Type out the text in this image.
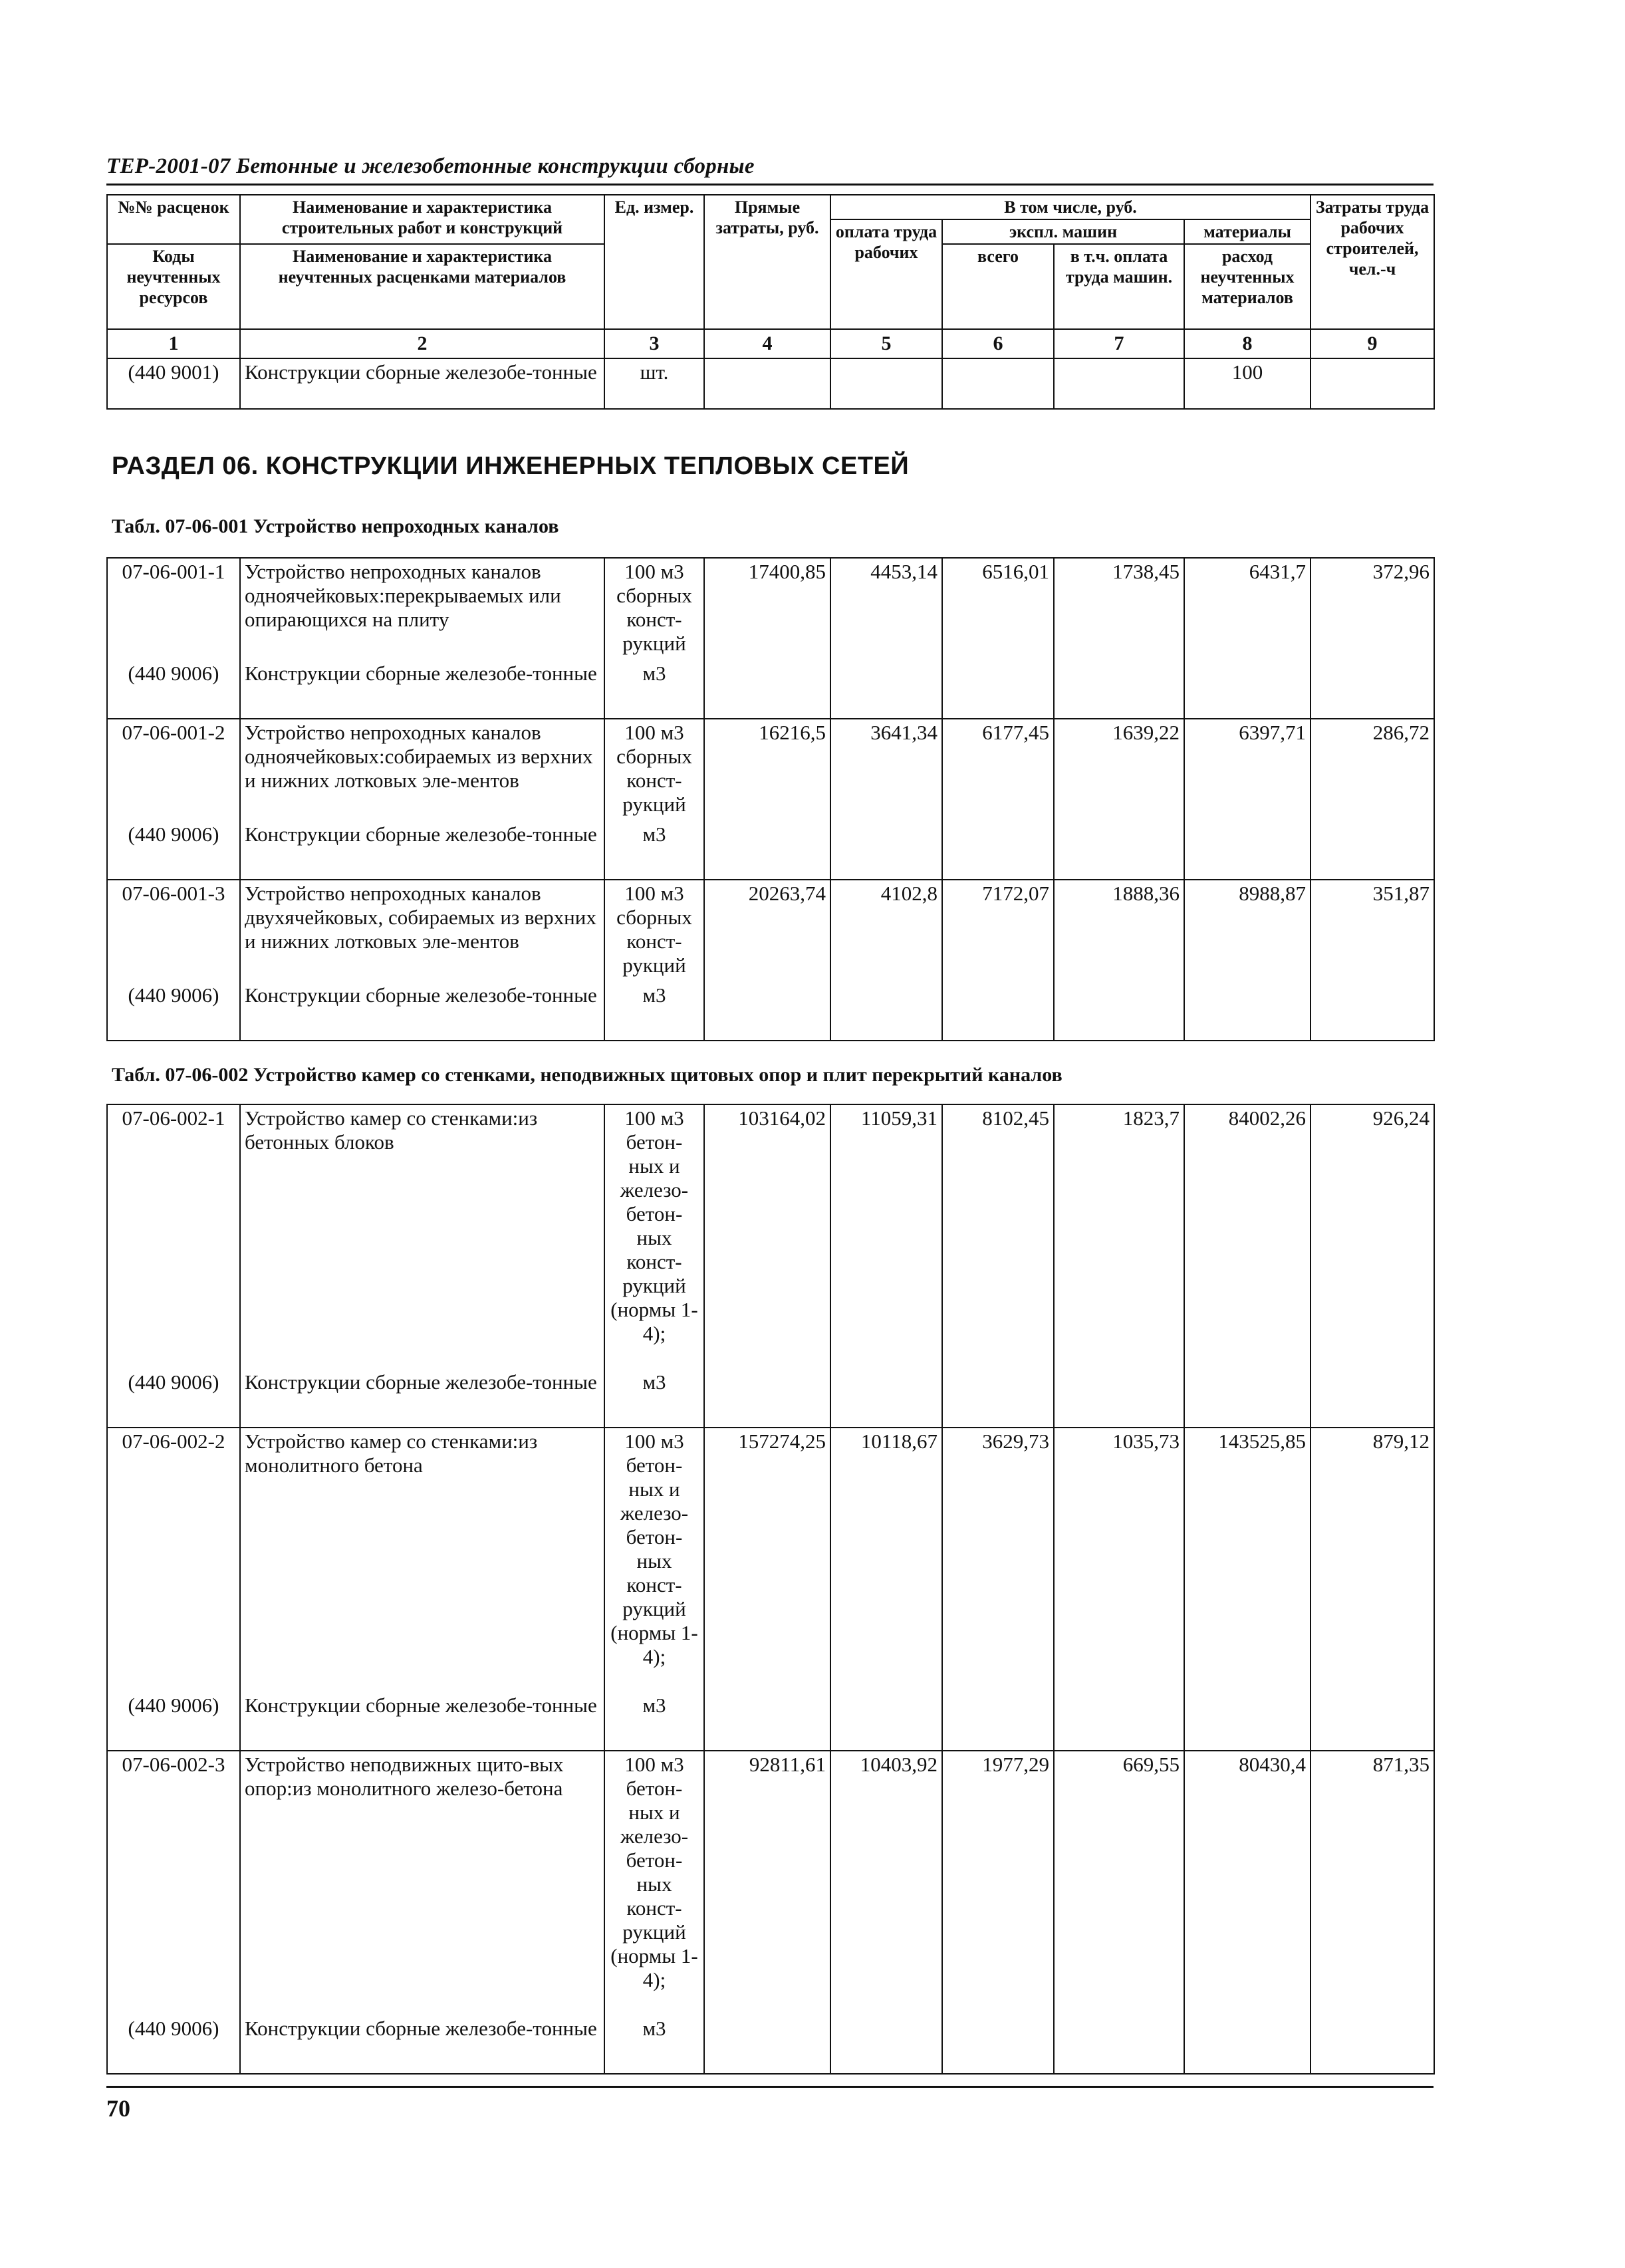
ТЕР-2001-07 Бетонные и железобетонные конструкции сборные
№№ расценок	Наименование и характеристика строительных работ и конструкций	Ед. измер.	Прямые затраты, руб.	В том числе, руб.				Затраты труда рабочих строителей, чел.-ч
				оплата труда рабочих	экспл. машин		материалы	
Коды неучтенных ресурсов	Наименование и характеристика неучтенных расценками материалов				всего	в т.ч. оплата труда машин.	расход неучтенных материалов	
1	2	3	4	5	6	7	8	9
(440 9001)	Конструкции сборные железобе-тонные	шт.					100	
РАЗДЕЛ 06. КОНСТРУКЦИИ ИНЖЕНЕРНЫХ ТЕПЛОВЫХ СЕТЕЙ
Табл. 07-06-001 Устройство непроходных каналов
07-06-001-1	Устройство непроходных каналов одноячейковых:перекрываемых или опирающихся на плиту	100 м3 сборных конст-рукций	17400,85	4453,14	6516,01	1738,45	6431,7	372,96
(440 9006)	Конструкции сборные железобе-тонные	м3						
07-06-001-2	Устройство непроходных каналов одноячейковых:собираемых из верхних и нижних лотковых эле-ментов	100 м3 сборных конст-рукций	16216,5	3641,34	6177,45	1639,22	6397,71	286,72
(440 9006)	Конструкции сборные железобе-тонные	м3						
07-06-001-3	Устройство непроходных каналов двухячейковых, собираемых из верхних и нижних лотковых эле-ментов	100 м3 сборных конст-рукций	20263,74	4102,8	7172,07	1888,36	8988,87	351,87
(440 9006)	Конструкции сборные железобе-тонные	м3						
Табл. 07-06-002 Устройство камер со стенками, неподвижных щитовых опор и плит перекрытий каналов
07-06-002-1	Устройство камер со стенками:из бетонных блоков	100 м3 бетон-ных и железо-бетон-ных конст-рукций (нормы 1-4);	103164,02	11059,31	8102,45	1823,7	84002,26	926,24
(440 9006)	Конструкции сборные железобе-тонные	м3						
07-06-002-2	Устройство камер со стенками:из монолитного бетона	100 м3 бетон-ных и железо-бетон-ных конст-рукций (нормы 1-4);	157274,25	10118,67	3629,73	1035,73	143525,85	879,12
(440 9006)	Конструкции сборные железобе-тонные	м3						
07-06-002-3	Устройство неподвижных щито-вых опор:из монолитного железо-бетона	100 м3 бетон-ных и железо-бетон-ных конст-рукций (нормы 1-4);	92811,61	10403,92	1977,29	669,55	80430,4	871,35
(440 9006)	Конструкции сборные железобе-тонные	м3						
70
